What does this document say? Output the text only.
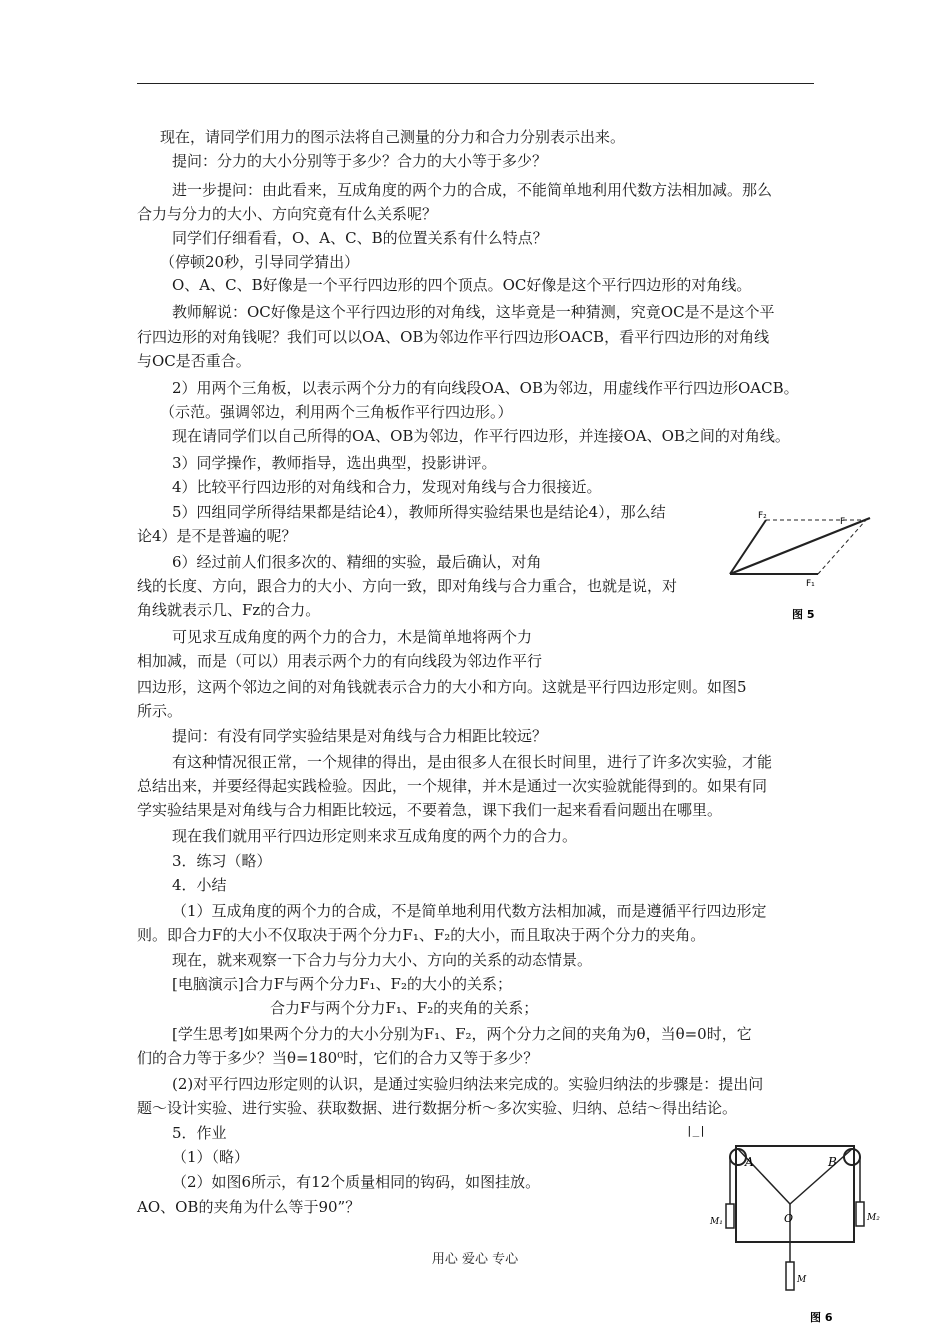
现在，请同学们用力的图示法将自己测量的分力和合力分别表示出来。
提问：分力的大小分别等于多少？合力的大小等于多少？
进一步提问：由此看来，互成角度的两个力的合成，不能简单地利用代数方法相加减。那么
合力与分力的大小、方向究竟有什么关系呢？
同学们仔细看看，O、A、C、B的位置关系有什么特点？
（停顿20秒，引导同学猜出）
O、A、C、B好像是一个平行四边形的四个顶点。OC好像是这个平行四边形的对角线。
教师解说：OC好像是这个平行四边形的对角线，这毕竟是一种猜测，究竟OC是不是这个平
行四边形的对角钱呢？我们可以以OA、OB为邻边作平行四边形OACB，看平行四边形的对角线
与OC是否重合。
2）用两个三角板，以表示两个分力的有向线段OA、OB为邻边，用虚线作平行四边形OACB。
（示范。强调邻边，利用两个三角板作平行四边形。）
现在请同学们以自己所得的OA、OB为邻边，作平行四边形，并连接OA、OB之间的对角线。
3）同学操作，教师指导，选出典型，投影讲评。
4）比较平行四边形的对角线和合力，发现对角线与合力很接近。
5）四组同学所得结果都是结论4），教师所得实验结果也是结论4），那么结
论4）是不是普遍的呢？
6）经过前人们很多次的、精细的实验，最后确认，对角
线的长度、方向，跟合力的大小、方向一致，即对角线与合力重合，也就是说，对
角线就表示几、Fz的合力。
可见求互成角度的两个力的合力，木是简单地将两个力
相加减，而是（可以）用表示两个力的有向线段为邻边作平行
四边形，这两个邻边之间的对角钱就表示合力的大小和方向。这就是平行四边形定则。如图5
所示。
提问：有没有同学实验结果是对角线与合力相距比较远？
有这种情况很正常，一个规律的得出，是由很多人在很长时间里，进行了许多次实验，才能
总结出来，并要经得起实践检验。因此，一个规律，并木是通过一次实验就能得到的。如果有同
学实验结果是对角线与合力相距比较远，不要着急，课下我们一起来看看问题出在哪里。
现在我们就用平行四边形定则来求互成角度的两个力的合力。
3．练习（略）
4．小结
（1）互成角度的两个力的合成，不是简单地利用代数方法相加减，而是遵循平行四边形定
则。即合力F的大小不仅取决于两个分力F₁、F₂的大小，而且取决于两个分力的夹角。
现在，就来观察一下合力与分力大小、方向的关系的动态情景。
[电脑演示]合力F与两个分力F₁、F₂的大小的关系；
合力F与两个分力F₁、F₂的夹角的关系；
[学生思考]如果两个分力的大小分别为F₁、F₂，两个分力之间的夹角为θ，当θ=0时，它
们的合力等于多少？当θ=180⁰时，它们的合力又等于多少？
(2)对平行四边形定则的认识，是通过实验归纳法来完成的。实验归纳法的步骤是：提出问
题～设计实验、进行实验、获取数据、进行数据分析～多次实验、归纳、总结～得出结论。
5．作业
（1）（略）
（2）如图6所示，有12个质量相同的钩码，如图挂放。
AO、OB的夹角为什么等于90”？
F₂
F₁
图 5
F
|_|
A	B
O
M₁	M₂
M
图 6
用心 爱心 专心
